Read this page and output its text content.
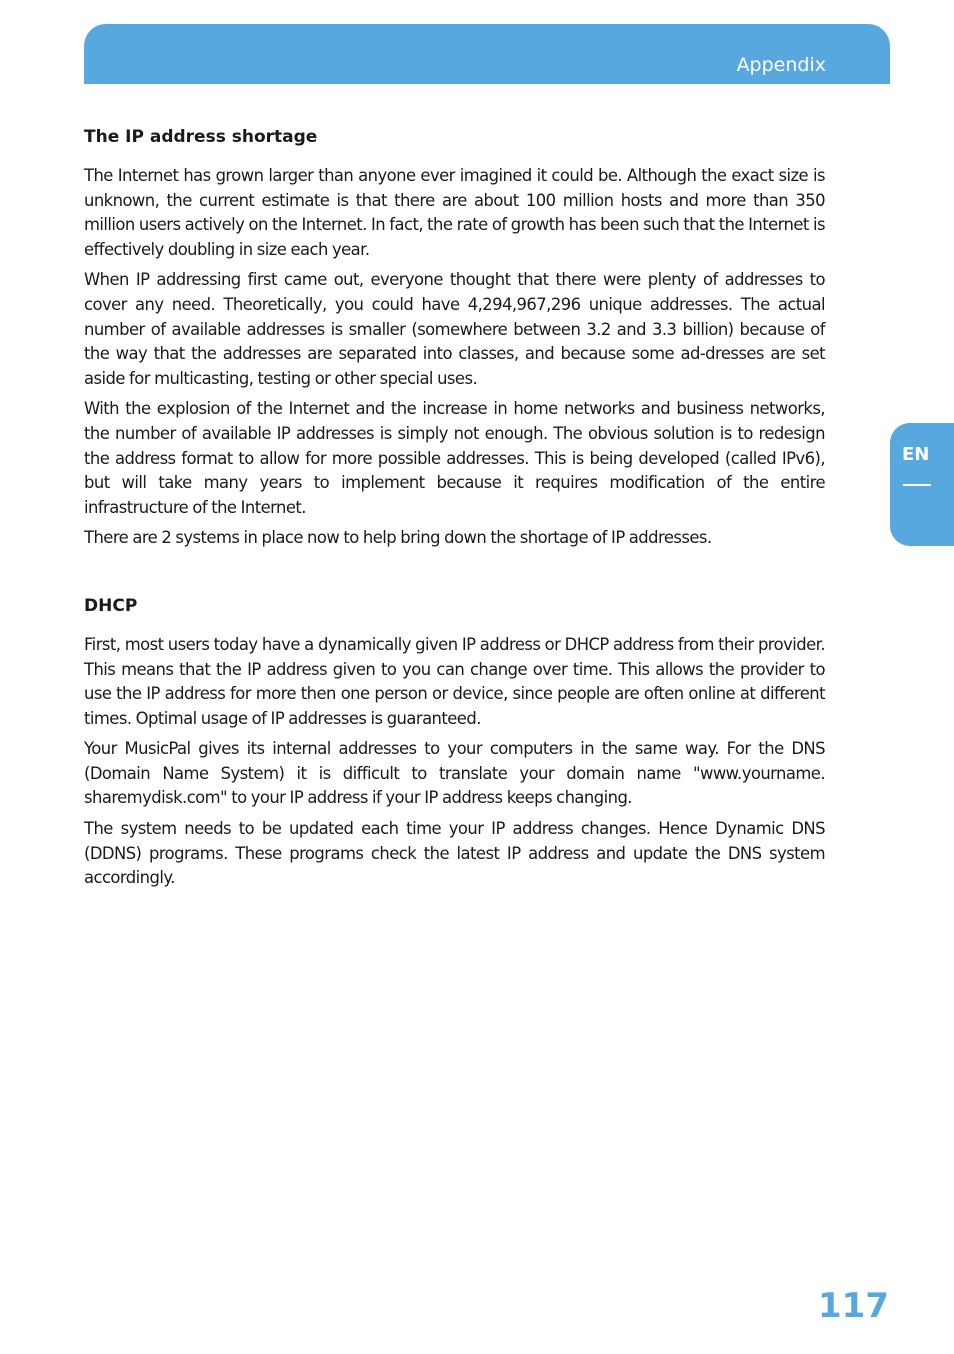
Appendix
EN
The IP address shortage

The Internet has grown larger than anyone ever imagined it could be. Although the exact size is unknown, the current estimate is that there are about 100 million hosts and more than 350 million users actively on the Internet. In fact, the rate of growth has been such that the Internet is effectively doubling in size each year.

When IP addressing first came out, everyone thought that there were plenty of addresses to cover any need. Theoretically, you could have 4,294,967,296 unique addresses. The actual number of available addresses is smaller (somewhere between 3.2 and 3.3 billion) because of the way that the addresses are separated into classes, and because some ad-dresses are set aside for multicasting, testing or other special uses.

With the explosion of the Internet and the increase in home networks and business networks, the number of available IP addresses is simply not enough. The obvious solution is to redesign the address format to allow for more possible addresses. This is being developed (called IPv6), but will take many years to implement because it requires modification of the entire infrastructure of the Internet.

There are 2 systems in place now to help bring down the shortage of IP addresses.

DHCP

First, most users today have a dynamically given IP address or DHCP address from their provider. This means that the IP address given to you can change over time. This allows the provider to use the IP address for more then one person or device, since people are often online at different times. Optimal usage of IP addresses is guaranteed.

Your MusicPal gives its internal addresses to your computers in the same way. For the DNS (Domain Name System) it is difficult to translate your domain name "www.yourname. sharemydisk.com" to your IP address if your IP address keeps changing.

The system needs to be updated each time your IP address changes. Hence Dynamic DNS (DDNS) programs. These programs check the latest IP address and update the DNS system accordingly.

117
